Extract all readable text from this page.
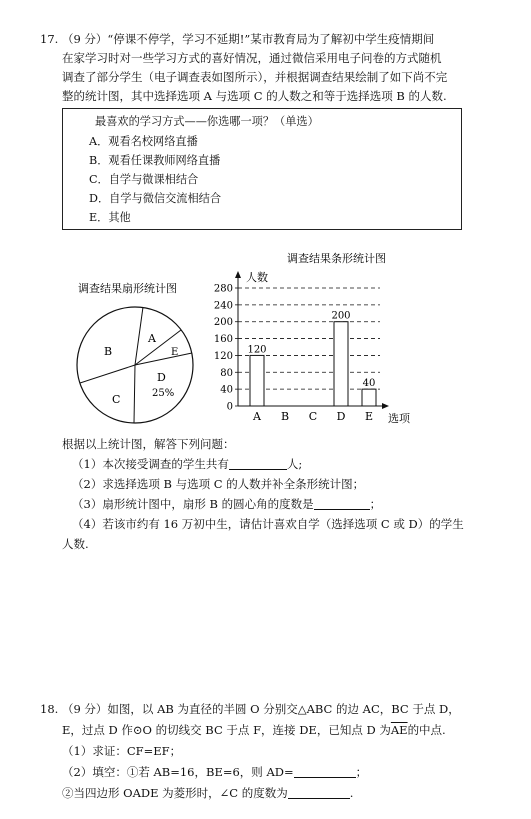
17. （9 分）“停课不停学，学习不延期!”某市教育局为了解初中学生疫情期间
在家学习时对一些学习方式的喜好情况，通过微信采用电子问卷的方式随机
调查了部分学生（电子调查表如图所示），并根据调查结果绘制了如下尚不完
整的统计图，其中选择选项 A 与选项 C 的人数之和等于选择选项 B 的人数.
最喜欢的学习方式——你选哪一项？（单选）
A．观看名校网络直播
B．观看任课教师网络直播
C．自学与微课相结合
D．自学与微信交流相结合
E．其他
调查结果扇形统计图
B
A
E
C
D
25%
调查结果条形统计图
人数
选项
0
40
80
120
160
200
240
280
A
120
B C D
200
E
40
根据以上统计图，解答下列问题：
（1）本次接受调查的学生共有	人;
（2）求选择选项 B 与选项 C 的人数并补全条形统计图；
（3）扇形统计图中，扇形 B 的圆心角的度数是	；
（4）若该市约有 16 万初中生，请估计喜欢自学（选择选项 C 或 D）的学生
人数.
18. （9 分）如图，以 AB 为直径的半圆 O 分别交△ABC 的边 AC，BC 于点 D，
E，过点 D 作⊙O 的切线交 BC 于点 F，连接 DE，已知点 D 为$\overline{AE}$的中点.
（1）求证：CF=EF；
（2）填空：①若 AB=16，BE=6，则 AD=	；
②当四边形 OADE 为菱形时，∠C 的度数为	.
